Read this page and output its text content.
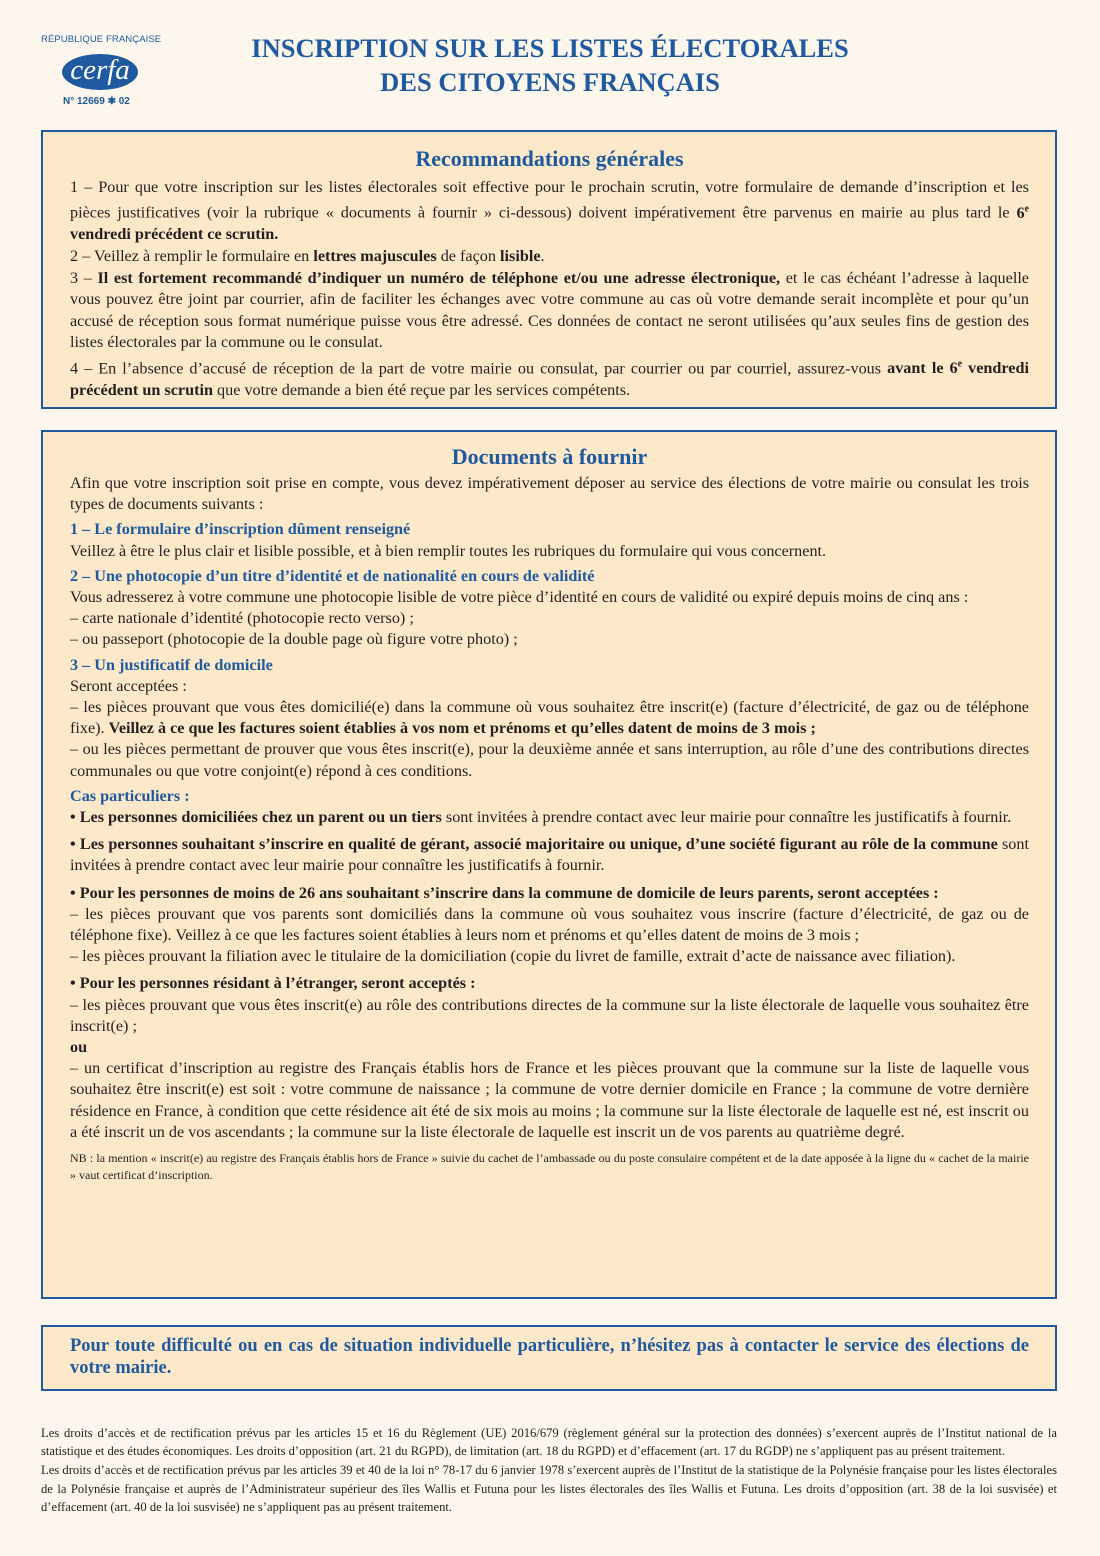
RÉPUBLIQUE FRANÇAISE
cerfa
N° 12669 ✱ 02
INSCRIPTION SUR LES LISTES ÉLECTORALES
DES CITOYENS FRANÇAIS
Recommandations générales

1 – Pour que votre inscription sur les listes électorales soit effective pour le prochain scrutin, votre formulaire de demande d’inscription et les pièces justificatives (voir la rubrique « documents à fournir » ci-dessous) doivent impérativement être parvenus en mairie au plus tard le 6e vendredi précédent ce scrutin.

2 – Veillez à remplir le formulaire en lettres majuscules de façon lisible.

3 – Il est fortement recommandé d’indiquer un numéro de téléphone et/ou une adresse électronique, et le cas échéant l’adresse à laquelle vous pouvez être joint par courrier, afin de faciliter les échanges avec votre commune au cas où votre demande serait incomplète et pour qu’un accusé de réception sous format numérique puisse vous être adressé. Ces données de contact ne seront utilisées qu’aux seules fins de gestion des listes électorales par la commune ou le consulat.

4 – En l’absence d’accusé de réception de la part de votre mairie ou consulat, par courrier ou par courriel, assurez-vous avant le 6e vendredi précédent un scrutin que votre demande a bien été reçue par les services compétents.

Documents à fournir

Afin que votre inscription soit prise en compte, vous devez impérativement déposer au service des élections de votre mairie ou consulat les trois types de documents suivants :

1 – Le formulaire d’inscription dûment renseigné

Veillez à être le plus clair et lisible possible, et à bien remplir toutes les rubriques du formulaire qui vous concernent.

2 – Une photocopie d’un titre d’identité et de nationalité en cours de validité

Vous adresserez à votre commune une photocopie lisible de votre pièce d’identité en cours de validité ou expiré depuis moins de cinq ans :

– carte nationale d’identité (photocopie recto verso) ;

– ou passeport (photocopie de la double page où figure votre photo) ;

3 – Un justificatif de domicile

Seront acceptées :

– les pièces prouvant que vous êtes domicilié(e) dans la commune où vous souhaitez être inscrit(e) (facture d’électricité, de gaz ou de téléphone fixe). Veillez à ce que les factures soient établies à vos nom et prénoms et qu’elles datent de moins de 3 mois ;

– ou les pièces permettant de prouver que vous êtes inscrit(e), pour la deuxième année et sans interruption, au rôle d’une des contributions directes communales ou que votre conjoint(e) répond à ces conditions.

Cas particuliers :

• Les personnes domiciliées chez un parent ou un tiers sont invitées à prendre contact avec leur mairie pour connaître les justificatifs à fournir.

• Les personnes souhaitant s’inscrire en qualité de gérant, associé majoritaire ou unique, d’une société figurant au rôle de la commune sont invitées à prendre contact avec leur mairie pour connaître les justificatifs à fournir.

• Pour les personnes de moins de 26 ans souhaitant s’inscrire dans la commune de domicile de leurs parents, seront acceptées :

– les pièces prouvant que vos parents sont domiciliés dans la commune où vous souhaitez vous inscrire (facture d’électricité, de gaz ou de téléphone fixe). Veillez à ce que les factures soient établies à leurs nom et prénoms et qu’elles datent de moins de 3 mois ;

– les pièces prouvant la filiation avec le titulaire de la domiciliation (copie du livret de famille, extrait d’acte de naissance avec filiation).

• Pour les personnes résidant à l’étranger, seront acceptés :

– les pièces prouvant que vous êtes inscrit(e) au rôle des contributions directes de la commune sur la liste électorale de laquelle vous souhaitez être inscrit(e) ;

ou

– un certificat d’inscription au registre des Français établis hors de France et les pièces prouvant que la commune sur la liste de laquelle vous souhaitez être inscrit(e) est soit : votre commune de naissance ; la commune de votre dernier domicile en France ; la commune de votre dernière résidence en France, à condition que cette résidence ait été de six mois au moins ; la commune sur la liste électorale de laquelle est né, est inscrit ou a été inscrit un de vos ascendants ; la commune sur la liste électorale de laquelle est inscrit un de vos parents au quatrième degré.

NB : la mention « inscrit(e) au registre des Français établis hors de France » suivie du cachet de l’ambassade ou du poste consulaire compétent et de la date apposée à la ligne du « cachet de la mairie » vaut certificat d’inscription.

Pour toute difficulté ou en cas de situation individuelle particulière, n’hésitez pas à contacter le service des élections de votre mairie.

Les droits d’accès et de rectification prévus par les articles 15 et 16 du Règlement (UE) 2016/679 (règlement général sur la protection des données) s’exercent auprès de l’Institut national de la statistique et des études économiques. Les droits d’opposition (art. 21 du RGPD), de limitation (art. 18 du RGPD) et d’effacement (art. 17 du RGDP) ne s’appliquent pas au présent traitement.

Les droits d’accès et de rectification prévus par les articles 39 et 40 de la loi n° 78-17 du 6 janvier 1978 s’exercent auprès de l’Institut de la statistique de la Polynésie française pour les listes électorales de la Polynésie française et auprès de l’Administrateur supérieur des îles Wallis et Futuna pour les listes électorales des îles Wallis et Futuna. Les droits d’opposition (art. 38 de la loi susvisée) et d’effacement (art. 40 de la loi susvisée) ne s’appliquent pas au présent traitement.
